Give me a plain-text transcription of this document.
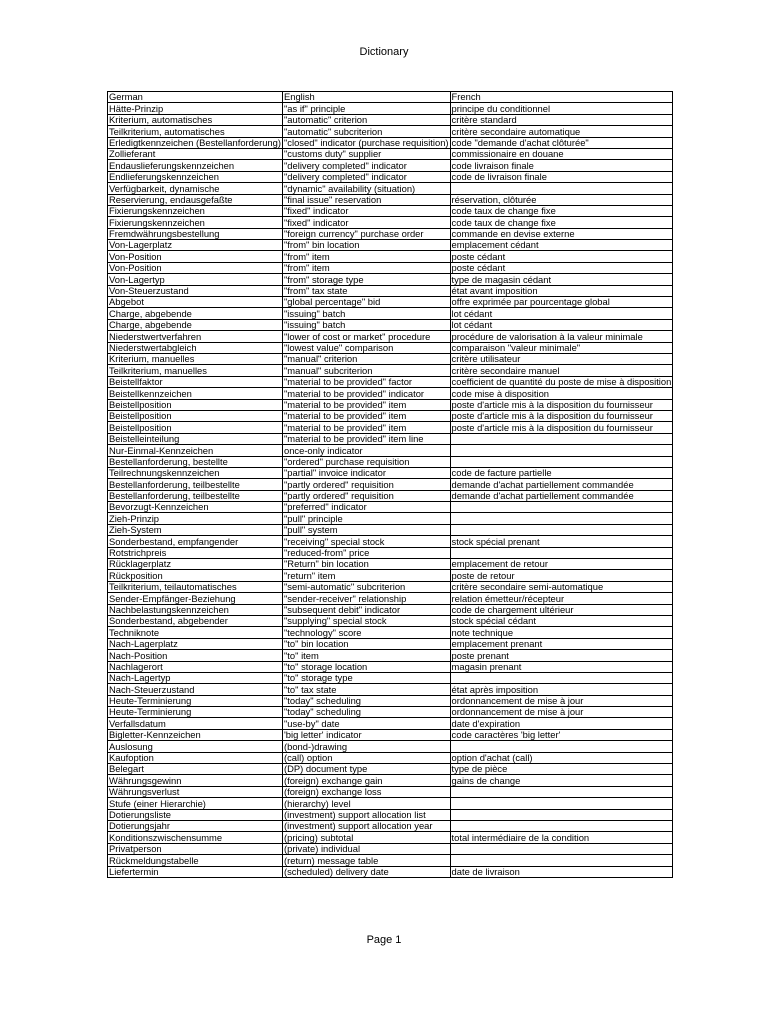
Dictionary
German	English	French
Hätte-Prinzip	"as if" principle	principe du conditionnel
Kriterium, automatisches	"automatic" criterion	critère standard
Teilkriterium, automatisches	"automatic" subcriterion	critère secondaire automatique
Erledigtkennzeichen (Bestellanforderung)	"closed" indicator (purchase requisition)	code "demande d'achat clôturée"
Zollieferant	"customs duty" supplier	commissionaire en douane
Endauslieferungskennzeichen	"delivery completed" indicator	code livraison finale
Endlieferungskennzeichen	"delivery completed" indicator	code de livraison finale
Verfügbarkeit, dynamische	"dynamic" availability (situation)	
Reservierung, endausgefaßte	"final issue" reservation	réservation, clôturée
Fixierungskennzeichen	"fixed" indicator	code taux de change fixe
Fixierungskennzeichen	"fixed" indicator	code taux de change fixe
Fremdwährungsbestellung	"foreign currency" purchase order	commande en devise externe
Von-Lagerplatz	"from" bin location	emplacement cédant
Von-Position	"from" item	poste cédant
Von-Position	"from" item	poste cédant
Von-Lagertyp	"from" storage type	type de magasin cédant
Von-Steuerzustand	"from" tax state	état avant imposition
Abgebot	"global percentage" bid	offre exprimée par pourcentage global
Charge, abgebende	"issuing" batch	lot cédant
Charge, abgebende	"issuing" batch	lot cédant
Niederstwertverfahren	"lower of cost or market" procedure	procédure de valorisation à la valeur minimale
Niederstwertabgleich	"lowest value" comparison	comparaison "valeur minimale"
Kriterium, manuelles	"manual" criterion	critère utilisateur
Teilkriterium, manuelles	"manual" subcriterion	critère secondaire manuel
Beistellfaktor	"material to be provided" factor	coefficient de quantité du poste de mise à disposition
Beistellkennzeichen	"material to be provided" indicator	code mise à disposition
Beistellposition	"material to be provided" item	poste d'article mis à la disposition du fournisseur
Beistellposition	"material to be provided" item	poste d'article mis à la disposition du fournisseur
Beistellposition	"material to be provided" item	poste d'article mis à la disposition du fournisseur
Beistelleinteilung	"material to be provided" item line	
Nur-Einmal-Kennzeichen	once-only indicator	
Bestellanforderung, bestellte	"ordered" purchase requisition	
Teilrechnungskennzeichen	"partial" invoice indicator	code de facture partielle
Bestellanforderung, teilbestellte	"partly ordered" requisition	demande d'achat partiellement commandée
Bestellanforderung, teilbestellte	"partly ordered" requisition	demande d'achat partiellement commandée
Bevorzugt-Kennzeichen	"preferred" indicator	
Zieh-Prinzip	"pull" principle	
Zieh-System	"pull" system	
Sonderbestand, empfangender	"receiving" special stock	stock spécial prenant
Rotstrichpreis	"reduced-from" price	
Rücklagerplatz	"Return" bin location	emplacement de retour
Rückposition	"return" item	poste de retour
Teilkriterium, teilautomatisches	"semi-automatic" subcriterion	critère secondaire semi-automatique
Sender-Empfänger-Beziehung	"sender-receiver" relationship	relation émetteur/récepteur
Nachbelastungskennzeichen	"subsequent debit" indicator	code de chargement ultérieur
Sonderbestand, abgebender	"supplying" special stock	stock spécial cédant
Techniknote	"technology" score	note technique
Nach-Lagerplatz	"to" bin location	emplacement prenant
Nach-Position	"to" item	poste prenant
Nachlagerort	"to" storage location	magasin prenant
Nach-Lagertyp	"to" storage type	
Nach-Steuerzustand	"to" tax state	état après imposition
Heute-Terminierung	"today" scheduling	ordonnancement de mise à jour
Heute-Terminierung	"today" scheduling	ordonnancement de mise à jour
Verfallsdatum	"use-by" date	date d'expiration
Bigletter-Kennzeichen	'big letter' indicator	code caractères 'big letter'
Auslosung	(bond-)drawing	
Kaufoption	(call) option	option d'achat (call)
Belegart	(DP) document type	type de pièce
Währungsgewinn	(foreign) exchange gain	gains de change
Währungsverlust	(foreign) exchange loss	
Stufe (einer Hierarchie)	(hierarchy) level	
Dotierungsliste	(investment) support allocation list	
Dotierungsjahr	(investment) support allocation year	
Konditionszwischensumme	(pricing) subtotal	total intermédiaire de la condition
Privatperson	(private) individual	
Rückmeldungstabelle	(return) message table	
Liefertermin	(scheduled) delivery date	date de livraison
Page 1
